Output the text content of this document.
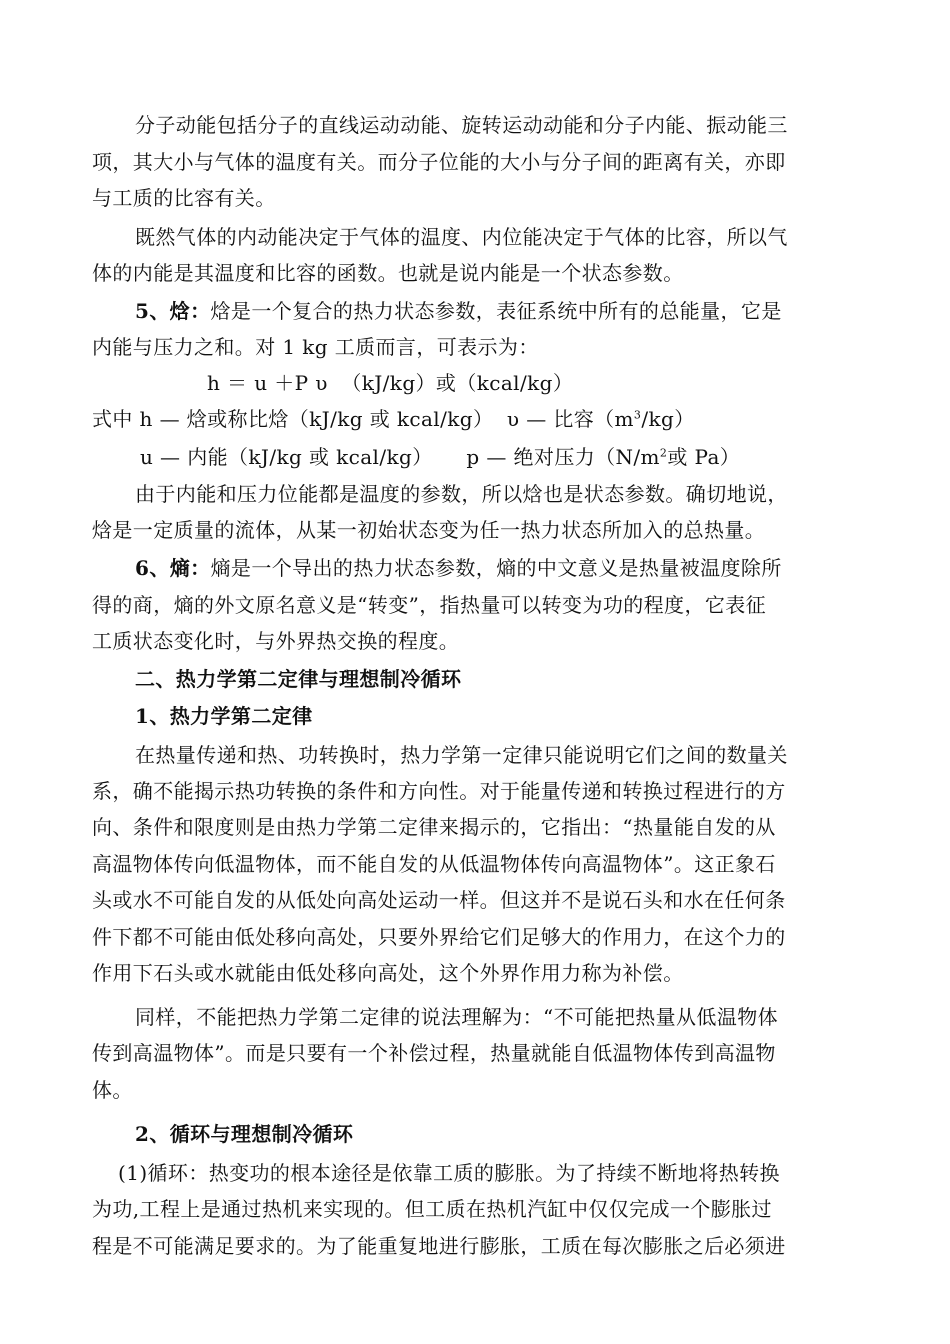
分子动能包括分子的直线运动动能、旋转运动动能和分子内能、振动能三
项，其大小与气体的温度有关。而分子位能的大小与分子间的距离有关，亦即
与工质的比容有关。
既然气体的内动能决定于气体的温度、内位能决定于气体的比容，所以气
体的内能是其温度和比容的函数。也就是说内能是一个状态参数。
5、焓：焓是一个复合的热力状态参数，表征系统中所有的总能量，它是
内能与压力之和。对 1 kg 工质而言，可表示为：
h ＝ u ＋P υ  （kJ/kg）或（kcal/kg）
式中 h — 焓或称比焓（kJ/kg 或 kcal/kg）  υ — 比容$(m^3/kg)$
u — 内能（kJ/kg 或 kcal/kg）     p — 绝对压力（$N/m^2$或 Pa）
由于内能和压力位能都是温度的参数，所以焓也是状态参数。确切地说，
焓是一定质量的流体，从某一初始状态变为任一热力状态所加入的总热量。
6、熵：熵是一个导出的热力状态参数，熵的中文意义是热量被温度除所
得的商，熵的外文原名意义是“转变”，指热量可以转变为功的程度，它表征
工质状态变化时，与外界热交换的程度。
二、热力学第二定律与理想制冷循环
1、热力学第二定律
在热量传递和热、功转换时，热力学第一定律只能说明它们之间的数量关
系，确不能揭示热功转换的条件和方向性。对于能量传递和转换过程进行的方
向、条件和限度则是由热力学第二定律来揭示的，它指出：“热量能自发的从
高温物体传向低温物体，而不能自发的从低温物体传向高温物体”。这正象石
头或水不可能自发的从低处向高处运动一样。但这并不是说石头和水在任何条
件下都不可能由低处移向高处，只要外界给它们足够大的作用力，在这个力的
作用下石头或水就能由低处移向高处，这个外界作用力称为补偿。
同样，不能把热力学第二定律的说法理解为：“不可能把热量从低温物体
传到高温物体”。而是只要有一个补偿过程，热量就能自低温物体传到高温物
体。
2、循环与理想制冷循环
(1)循环：热变功的根本途径是依靠工质的膨胀。为了持续不断地将热转换
为功,工程上是通过热机来实现的。但工质在热机汽缸中仅仅完成一个膨胀过
程是不可能满足要求的。为了能重复地进行膨胀，工质在每次膨胀之后必须进
